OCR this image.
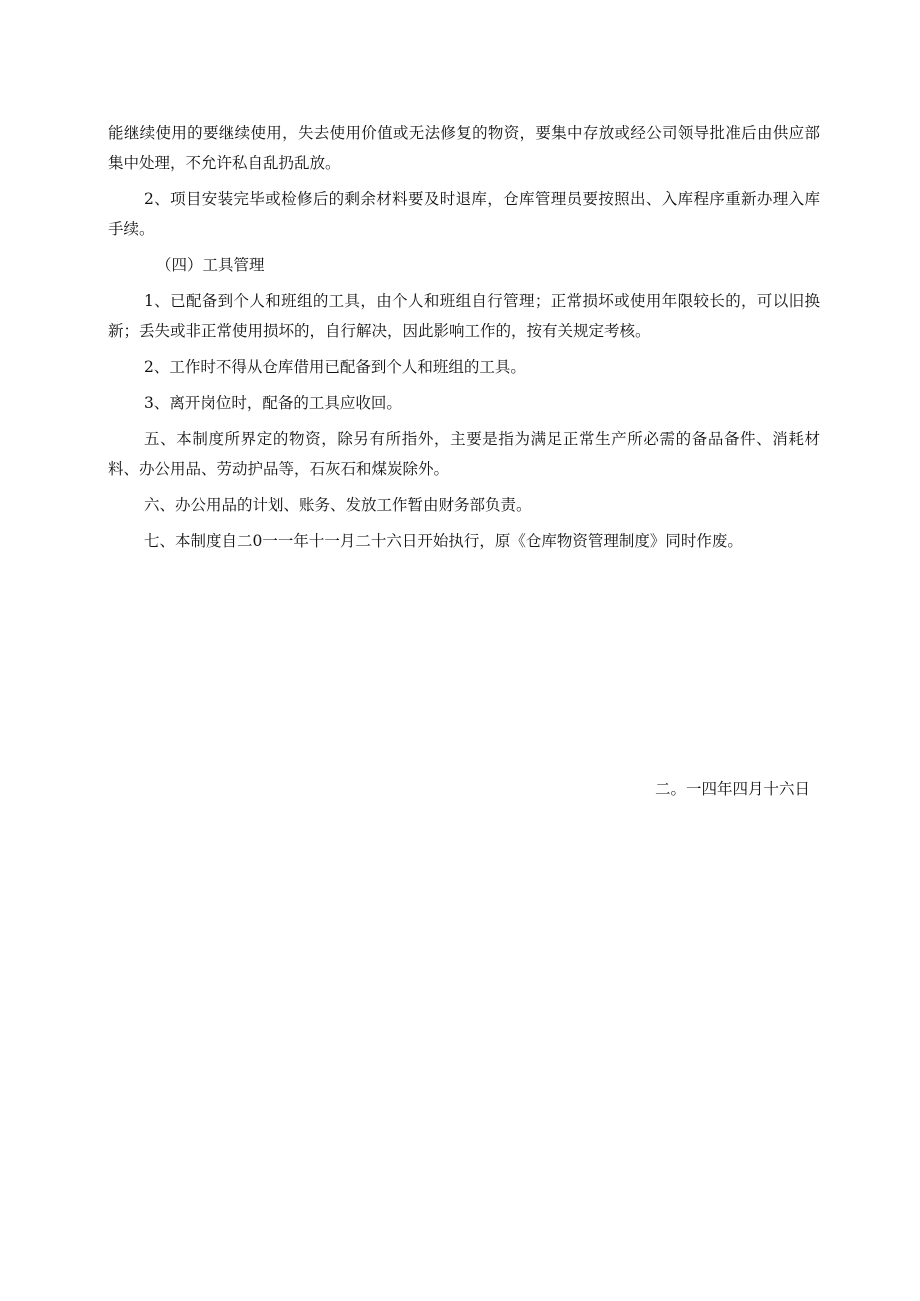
能继续使用的要继续使用，失去使用价值或无法修复的物资，要集中存放或经公司领导批准后由供应部集中处理，不允许私自乱扔乱放。

2、项目安装完毕或检修后的剩余材料要及时退库，仓库管理员要按照出、入库程序重新办理入库手续。

（四）工具管理

1、已配备到个人和班组的工具，由个人和班组自行管理；正常损坏或使用年限较长的，可以旧换新；丢失或非正常使用损坏的，自行解决，因此影响工作的，按有关规定考核。

2、工作时不得从仓库借用已配备到个人和班组的工具。

3、离开岗位时，配备的工具应收回。

五、本制度所界定的物资，除另有所指外，主要是指为满足正常生产所必需的备品备件、消耗材料、办公用品、劳动护品等，石灰石和煤炭除外。

六、办公用品的计划、账务、发放工作暂由财务部负责。

七、本制度自二0一一年十一月二十六日开始执行，原《仓库物资管理制度》同时作废。

二。一四年四月十六日
